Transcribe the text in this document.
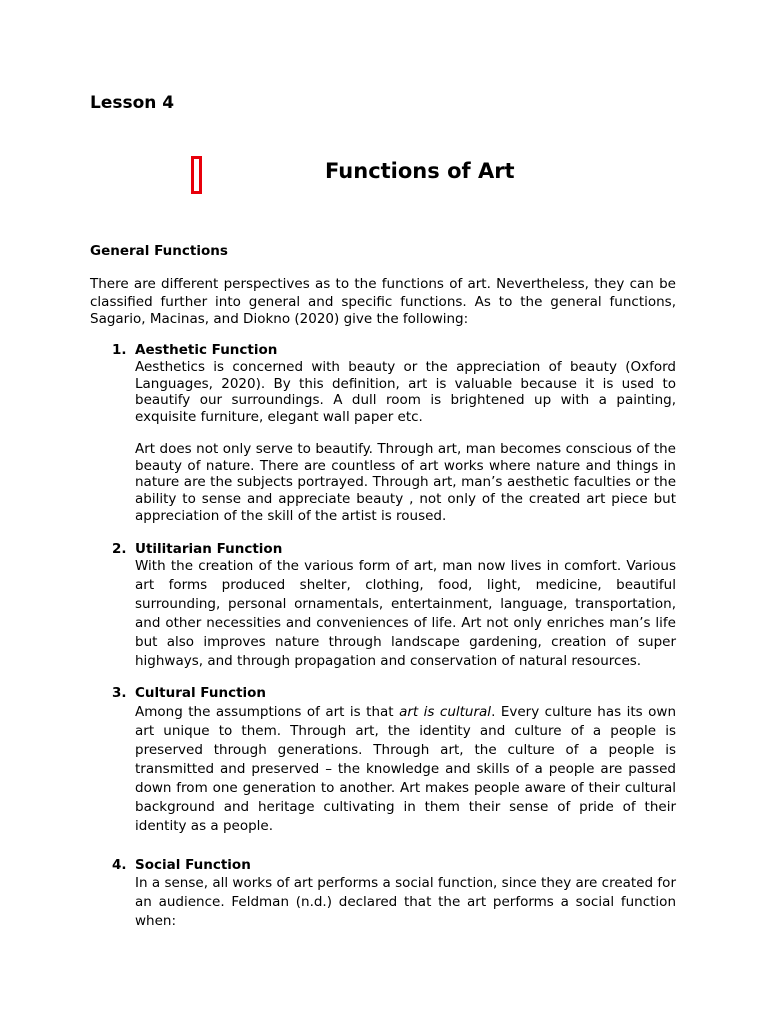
Lesson 4
Functions of Art
General Functions

There are different perspectives as to the functions of art. Nevertheless, they can be classified further into general and specific functions. As to the general functions, Sagario, Macinas, and Diokno (2020) give the following:

1. Aesthetic Function

Aesthetics is concerned with beauty or the appreciation of beauty (Oxford Languages, 2020). By this definition, art is valuable because it is used to beautify our surroundings. A dull room is brightened up with a painting, exquisite furniture, elegant wall paper etc.

Art does not only serve to beautify. Through art, man becomes conscious of the beauty of nature. There are countless of art works where nature and things in nature are the subjects portrayed. Through art, man’s aesthetic faculties or the ability to sense and appreciate beauty , not only of the created art piece but appreciation of the skill of the artist is roused.

2. Utilitarian Function

With the creation of the various form of art, man now lives in comfort. Various art forms produced shelter, clothing, food, light, medicine, beautiful surrounding, personal ornamentals, entertainment, language, transportation, and other necessities and conveniences of life. Art not only enriches man’s life but also improves nature through landscape gardening, creation of super highways, and through propagation and conservation of natural resources.

3. Cultural Function

Among the assumptions of art is that art is cultural. Every culture has its own art unique to them. Through art, the identity and culture of a people is preserved through generations. Through art, the culture of a people is transmitted and preserved – the knowledge and skills of a people are passed down from one generation to another. Art makes people aware of their cultural background and heritage cultivating in them their sense of pride of their identity as a people.

4. Social Function

In a sense, all works of art performs a social function, since they are created for an audience. Feldman (n.d.) declared that the art performs a social function when:
